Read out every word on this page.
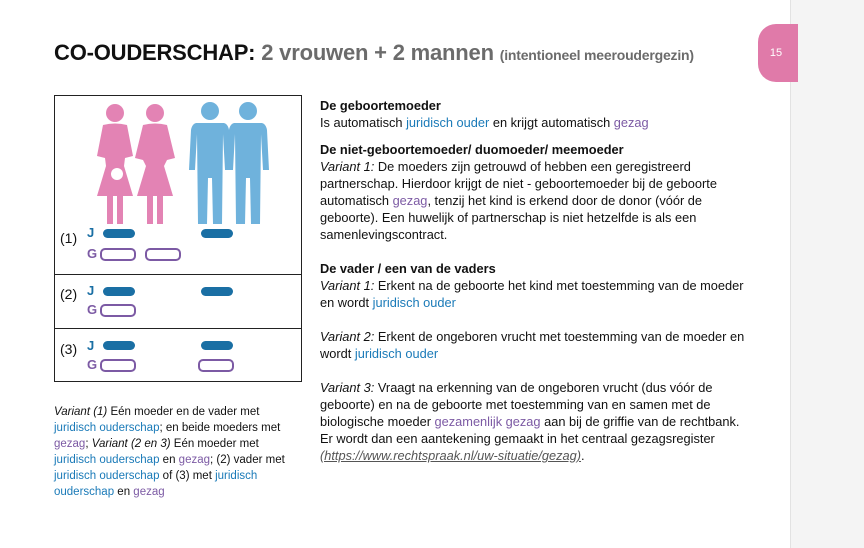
15
CO-OUDERSCHAP: 2 vrouwen + 2 mannen (intentioneel meeroudergezin)
(1) J
G
(2) J
G
(3) J
G
Variant (1) Eén moeder en de vader met juridisch ouderschap; en beide moeders met gezag; Variant (2 en 3) Eén moeder met juridisch ouderschap en gezag; (2) vader met juridisch ouderschap of (3) met juridisch ouderschap en gezag

De geboortemoeder

Is automatisch juridisch ouder en krijgt automatisch gezag

De niet-geboortemoeder/ duomoeder/ meemoeder

Variant 1: De moeders zijn getrouwd of hebben een geregistreerd partnerschap. Hierdoor krijgt de niet - geboortemoeder bij de geboorte automatisch gezag, tenzij het kind is erkend door de donor (vóór de geboorte). Een huwelijk of partnerschap is niet hetzelfde is als een samenlevingscontract.

De vader / een van de vaders

Variant 1: Erkent na de geboorte het kind met toestemming van de moeder en wordt juridisch ouder

Variant 2: Erkent de ongeboren vrucht met toestemming van de moeder en wordt juridisch ouder

Variant 3: Vraagt na erkenning van de ongeboren vrucht (dus vóór de geboorte) en na de geboorte met toestemming van en samen met de biologische moeder gezamenlijk gezag aan bij de griffie van de rechtbank. Er wordt dan een aantekening gemaakt in het centraal gezagsregister (https://www.rechtspraak.nl/uw-situatie/gezag).
